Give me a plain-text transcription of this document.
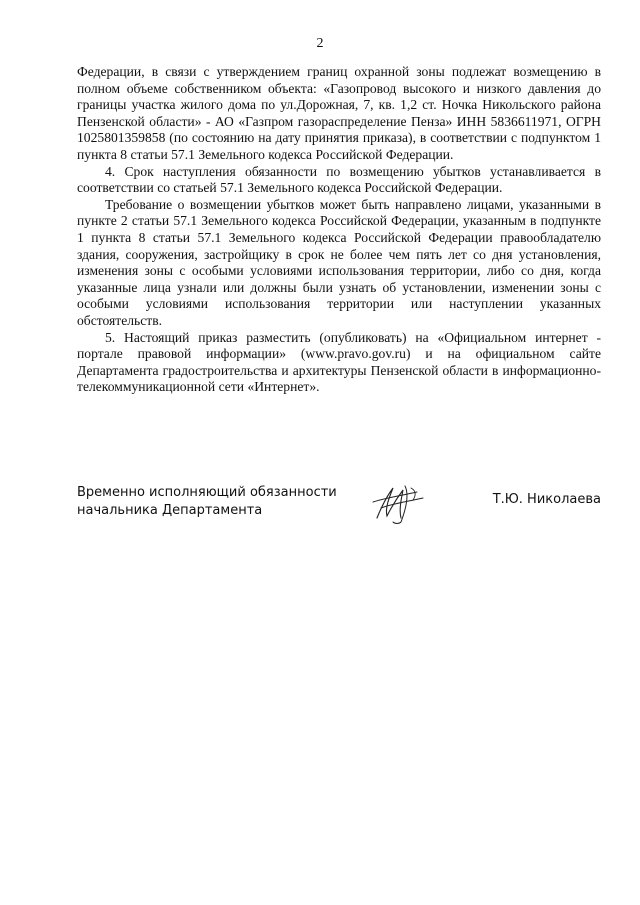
2

Федерации, в связи с утверждением границ охранной зоны подлежат возмещению в полном объеме собственником объекта: «Газопровод высокого и низкого давления до границы участка жилого дома по ул.Дорожная, 7, кв. 1,2 ст. Ночка Никольского района Пензенской области» - АО «Газпром газораспределение Пенза» ИНН 5836611971, ОГРН 1025801359858 (по состоянию на дату принятия приказа), в соответствии с подпунктом 1 пункта 8 статьи 57.1 Земельного кодекса Российской Федерации.

4. Срок наступления обязанности по возмещению убытков устанавливается в соответствии со статьей 57.1 Земельного кодекса Российской Федерации.

Требование о возмещении убытков может быть направлено лицами, указанными в пункте 2 статьи 57.1 Земельного кодекса Российской Федерации, указанным в подпункте 1 пункта 8 статьи 57.1 Земельного кодекса Российской Федерации правообладателю здания, сооружения, застройщику в срок не более чем пять лет со дня установления, изменения зоны с особыми условиями использования территории, либо со дня, когда указанные лица узнали или должны были узнать об установлении, изменении зоны с особыми условиями использования территории или наступлении указанных обстоятельств.

5. Настоящий приказ разместить (опубликовать) на «Официальном интернет - портале правовой информации» (www.pravo.gov.ru) и на официальном сайте Департамента градостроительства и архитектуры Пензенской области в информационно-телекоммуникационной сети «Интернет».

Временно исполняющий обязанности
начальника Департамента
Т.Ю. Николаева
